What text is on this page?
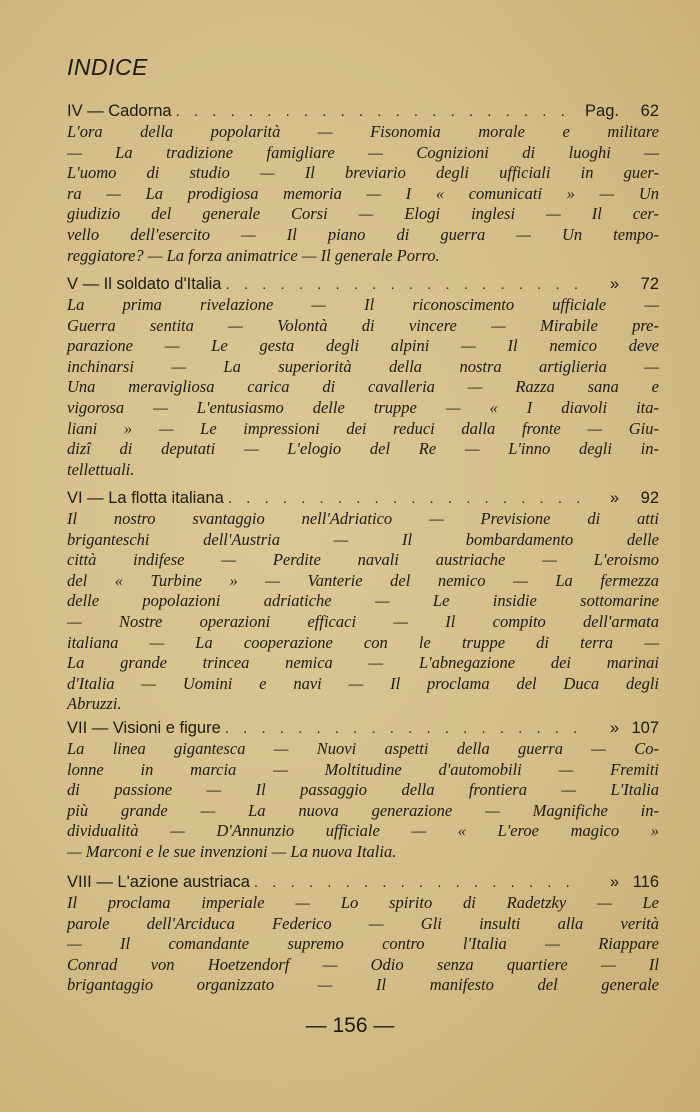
INDICE
IV — Cadorna . . .	Pag.	62
L'ora della popolarità — Fisonomia morale e militare
— La tradizione famigliare — Cognizioni di luoghi —
L'uomo di studio — Il breviario degli ufficiali in guer-
ra — La prodigiosa memoria — I « comunicati » — Un
giudizio del generale Corsi — Elogi inglesi — Il cer-
vello dell'esercito — Il piano di guerra — Un tempo-
reggiatore? — La forza animatrice — Il generale Porro.
V — Il soldato d'Italia . . .	»	72
La prima rivelazione — Il riconoscimento ufficiale —
Guerra sentita — Volontà di vincere — Mirabile pre-
parazione — Le gesta degli alpini — Il nemico deve
inchinarsi — La superiorità della nostra artiglieria —
Una meravigliosa carica di cavalleria — Razza sana e
vigorosa — L'entusiasmo delle truppe — « I diavoli ita-
liani » — Le impressioni dei reduci dalla fronte — Giu-
dizî di deputati — L'elogio del Re — L'inno degli in-
tellettuali.
VI — La flotta italiana . . .	»	92
Il nostro svantaggio nell'Adriatico — Previsione di atti
briganteschi dell'Austria — Il bombardamento delle
città indifese — Perdite navali austriache — L'eroismo
del « Turbine » — Vanterie del nemico — La fermezza
delle popolazioni adriatiche — Le insidie sottomarine
— Nostre operazioni efficaci — Il compito dell'armata
italiana — La cooperazione con le truppe di terra —
La grande trincea nemica — L'abnegazione dei marinai
d'Italia — Uomini e navi — Il proclama del Duca degli
Abruzzi.
VII — Visioni e figure . . .	» 107
La linea gigantesca — Nuovi aspetti della guerra — Co-
lonne in marcia — Moltitudine d'automobili — Fremiti
di passione — Il passaggio della frontiera — L'Italia
più grande — La nuova generazione — Magnifiche in-
dividualità — D'Annunzio ufficiale — « L'eroe magico »
— Marconi e le sue invenzioni — La nuova Italia.
VIII — L'azione austriaca . . .	» 116
Il proclama imperiale — Lo spirito di Radetzky — Le
parole dell'Arciduca Federico — Gli insulti alla verità
— Il comandante supremo contro l'Italia — Riappare
Conrad von Hoetzendorf — Odio senza quartiere — Il
brigantaggio organizzato — Il manifesto del generale
— 156 —
